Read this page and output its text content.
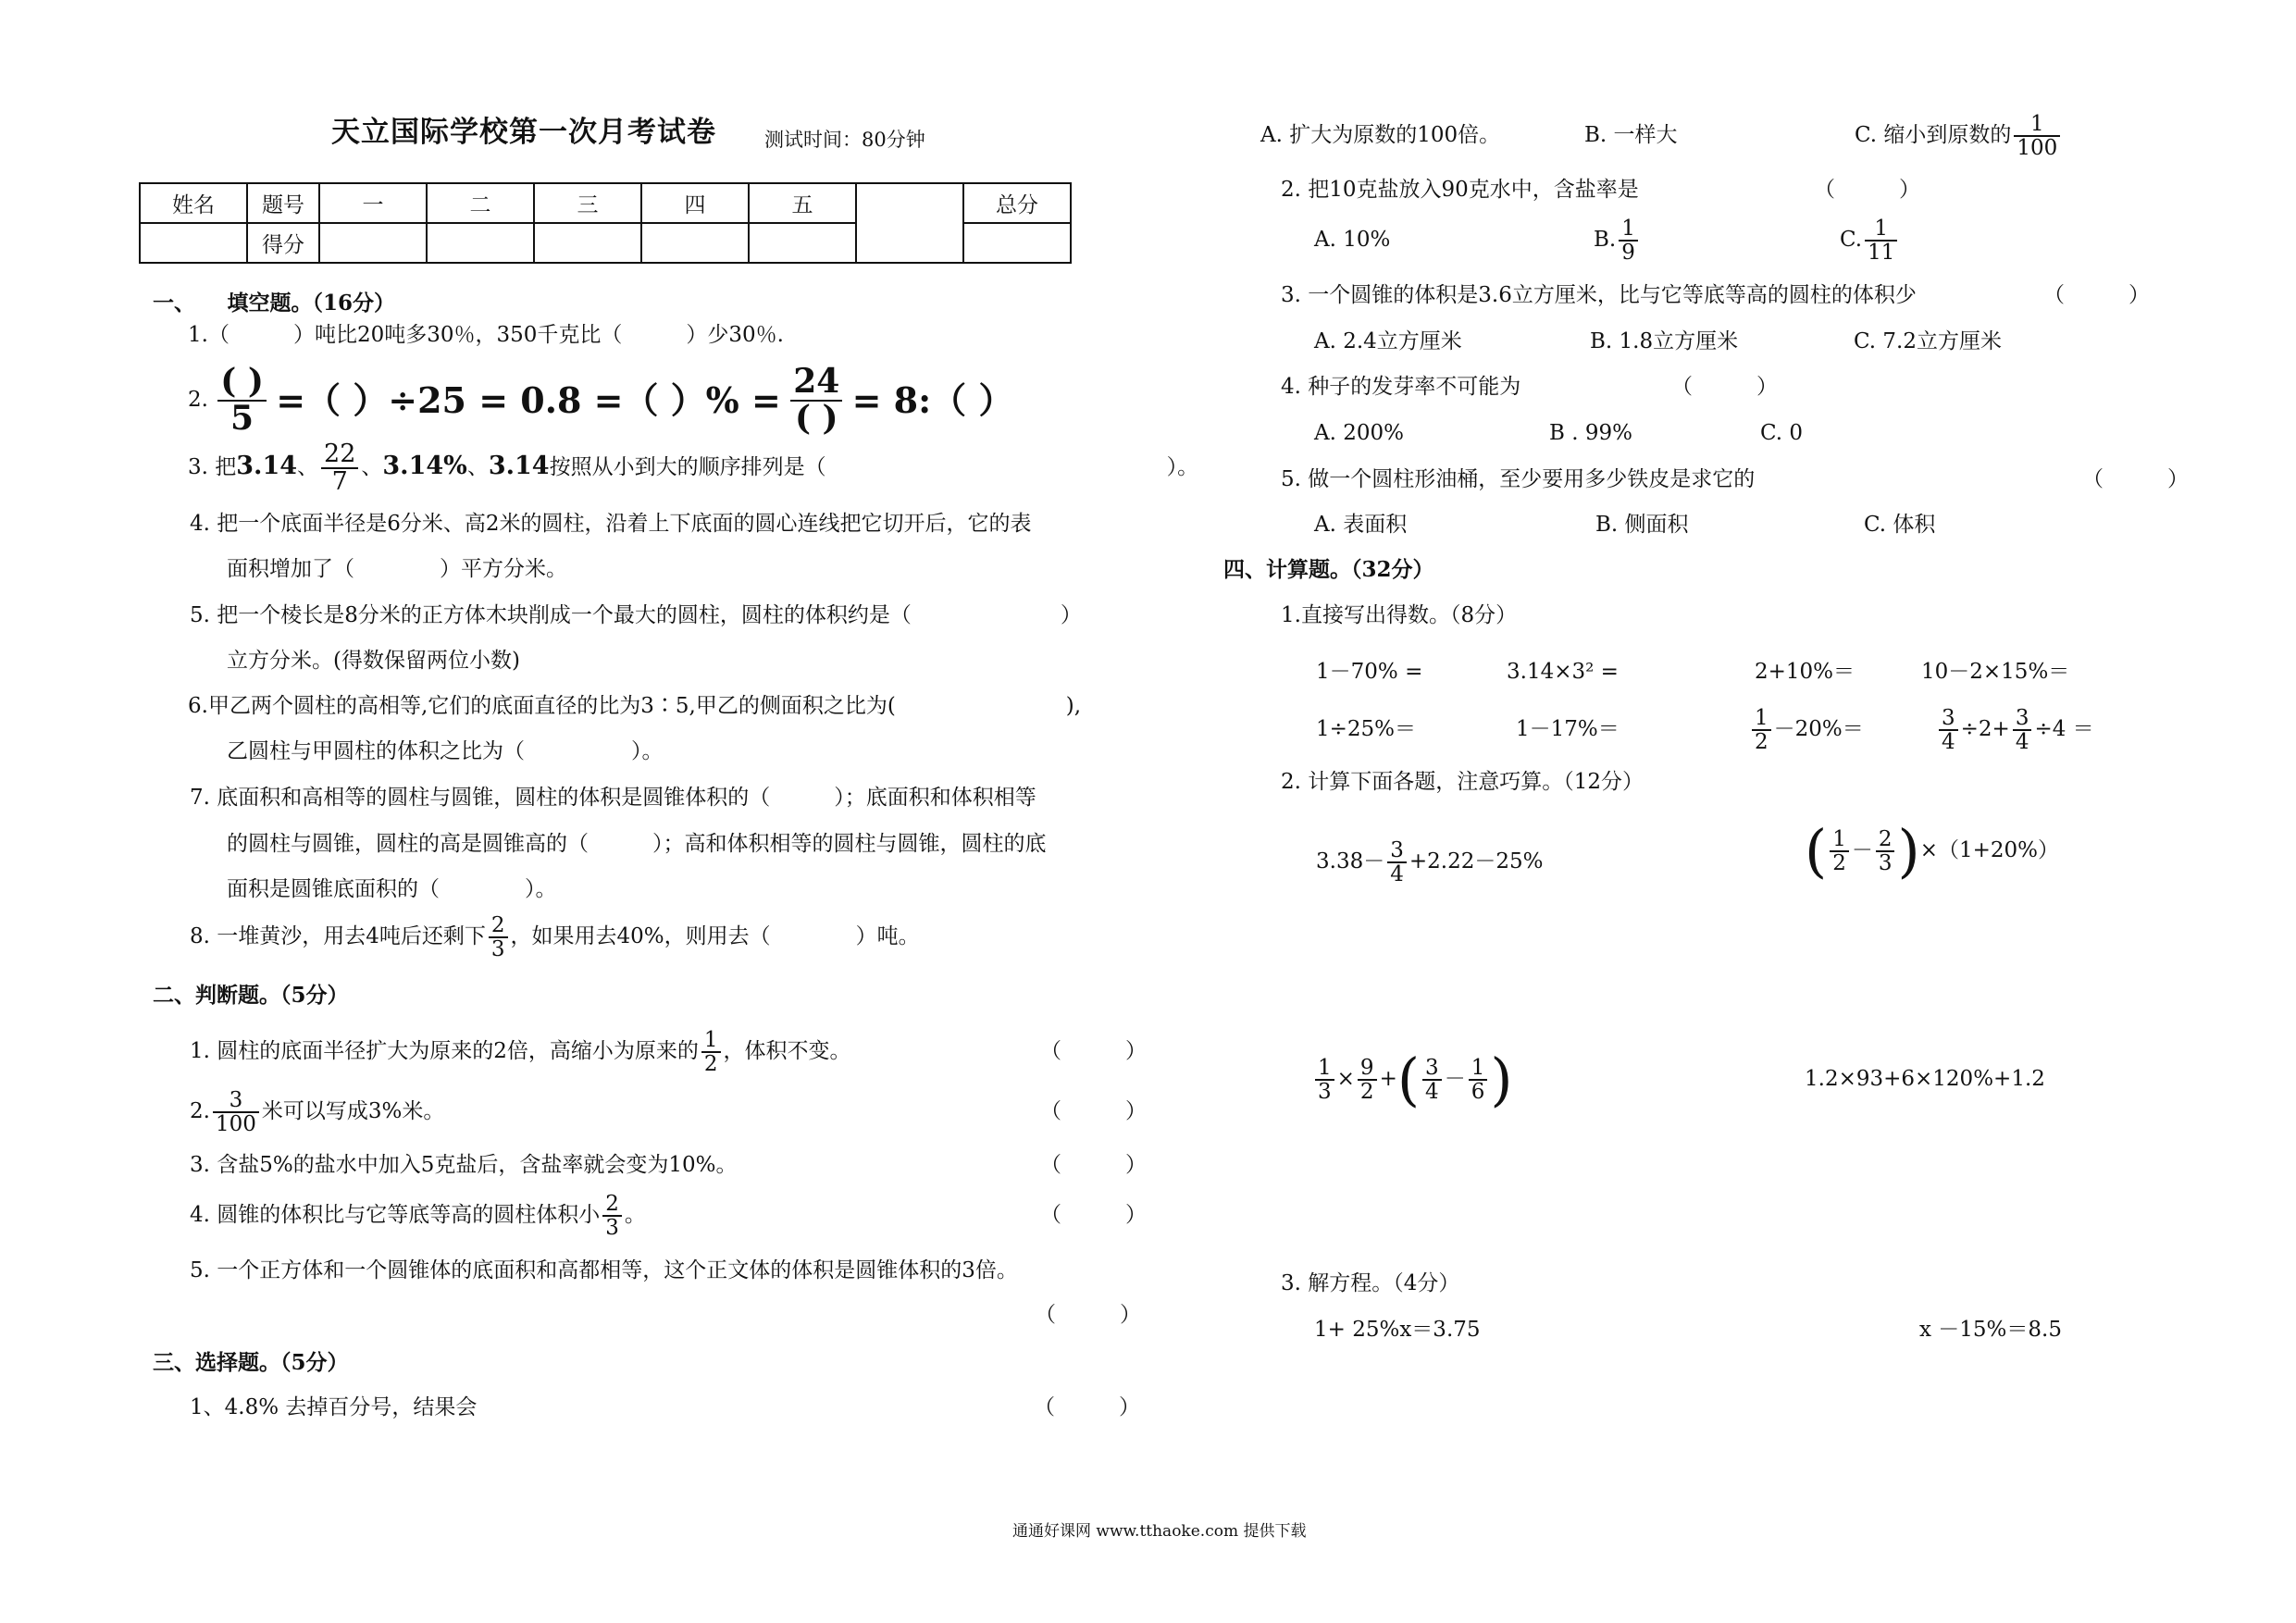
天立国际学校第一次月考试卷 测试时间：80分钟
姓名	题号	一	二	三	四	五		总分
	得分							
一、　　填空题。（16分）
1.（　　　）吨比20吨多30％，350千克比（　　　）少30％.
2. $\frac{( )}{5}$ =（ ）÷25 = 0.8 =（ ）% = $\frac{24}{( )}$ = 8:（ ）
3. 把3.14、 $\frac{22}{7}$ 、3.14%、3.14按照从小到大的顺序排列是（　　　　　　　　　　　　　　　　）。
4. 把一个底面半径是6分米、高2米的圆柱，沿着上下底面的圆心连线把它切开后，它的表
面积增加了（　　　　）平方分米。
5. 把一个棱长是8分米的正方体木块削成一个最大的圆柱，圆柱的体积约是（　　　　　　　）
立方分米。(得数保留两位小数)
6.甲乙两个圆柱的高相等,它们的底面直径的比为3∶5,甲乙的侧面积之比为(　　　　　　　　),
乙圆柱与甲圆柱的体积之比为（　　　　　）。
7. 底面积和高相等的圆柱与圆锥，圆柱的体积是圆锥体积的（　　　）；底面积和体积相等
的圆柱与圆锥，圆柱的高是圆锥高的（　　　）；高和体积相等的圆柱与圆锥，圆柱的底
面积是圆锥底面积的（　　　　）。
8. 一堆黄沙，用去4吨后还剩下 $\frac{2}{3}$ ，如果用去40%，则用去（　　　　）吨。
二、判断题。（5分）
1. 圆柱的底面半径扩大为原来的2倍，高缩小为原来的 $\frac{1}{2}$ ，体积不变。	（　　　）
2. $\frac{3}{100}$ 米可以写成3%米。	（　　　）
3. 含盐5%的盐水中加入5克盐后，含盐率就会变为10%。	（　　　）
4. 圆锥的体积比与它等底等高的圆柱体积小 $\frac{2}{3}$ 。	（　　　）
5. 一个正方体和一个圆锥体的底面积和高都相等，这个正文体的体积是圆锥体积的3倍。
（　　　）
三、选择题。（5分）
1、4.8% 去掉百分号，结果会	（　　　）
A. 扩大为原数的100倍。	B. 一样大	C. 缩小到原数的 $\frac{1}{100}$
2. 把10克盐放入90克水中，含盐率是	（　　　）
A. 10%	B. $\frac{1}{9}$	C. $\frac{1}{11}$
3. 一个圆锥的体积是3.6立方厘米，比与它等底等高的圆柱的体积少	（　　　）
A. 2.4立方厘米	B. 1.8立方厘米	C. 7.2立方厘米
4. 种子的发芽率不可能为	（　　　）
A. 200%	B . 99%	C. 0
5. 做一个圆柱形油桶，至少要用多少铁皮是求它的	（　　　）
A. 表面积	B. 侧面积	C. 体积
四、计算题。（32分）
1.直接写出得数。（8分）
1－70% =	3.14×3² =	2+10%＝	10－2×15%＝
1÷25%＝	1－17%＝	$\frac{1}{2} -20\%=$	$\frac{3}{4} \div 2+ \frac{3}{4} \div 4$ ＝
2. 计算下面各题，注意巧算。（12分）
$3.38- \frac{3}{4} +2.22-25\%$	( $\frac{1}{2} - \frac{2}{3} )\times(1+20\%)$
$\frac{1}{3} \times \frac{9}{2}$ +( $\frac{3}{4} - \frac{1}{6}$ )	1.2×93+6×120%+1.2
3. 解方程。（4分）
1+ 25%x＝3.75	x －15%＝8.5
通通好课网 www.tthaoke.com 提供下载
